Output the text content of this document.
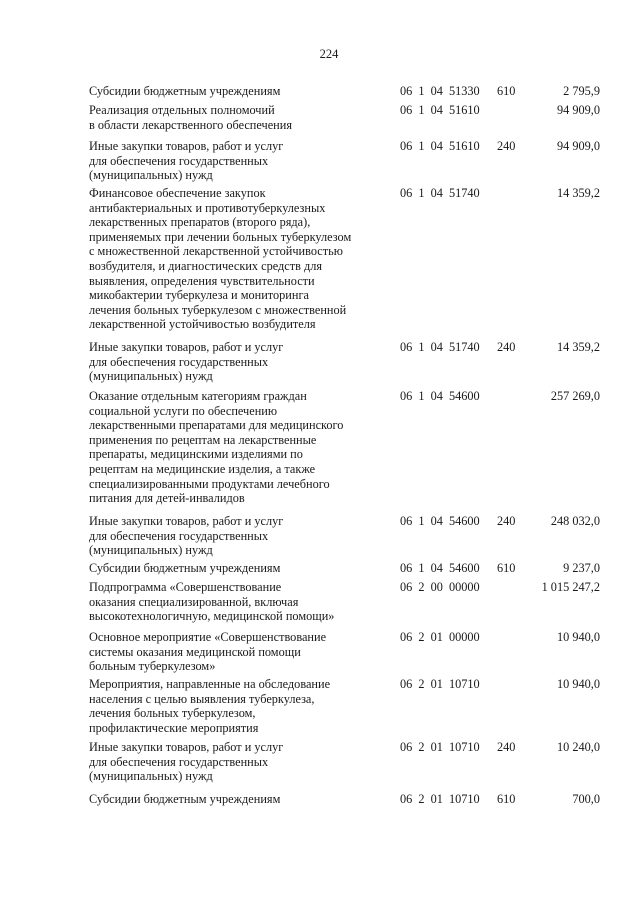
224
Субсидии бюджетным учреждениям	06 1 04 51330	610	2 795,9
Реализация отдельных полномочий
в области лекарственного обеспечения
06 1 04 51610	94 909,0
Иные закупки товаров, работ и услуг
для обеспечения государственных
(муниципальных) нужд
06 1 04 51610	240	94 909,0
Финансовое обеспечение закупок
антибактериальных и противотуберкулезных
лекарственных препаратов (второго ряда),
применяемых при лечении больных туберкулезом
с множественной лекарственной устойчивостью
возбудителя, и диагностических средств для
выявления, определения чувствительности
микобактерии туберкулеза и мониторинга
лечения больных туберкулезом с множественной
лекарственной устойчивостью возбудителя
06 1 04 51740	14 359,2
Иные закупки товаров, работ и услуг
для обеспечения государственных
(муниципальных) нужд
06 1 04 51740	240	14 359,2
Оказание отдельным категориям граждан
социальной услуги по обеспечению
лекарственными препаратами для медицинского
применения по рецептам на лекарственные
препараты, медицинскими изделиями по
рецептам на медицинские изделия, а также
специализированными продуктами лечебного
питания для детей-инвалидов
06 1 04 54600	257 269,0
Иные закупки товаров, работ и услуг
для обеспечения государственных
(муниципальных) нужд
06 1 04 54600	240	248 032,0
Субсидии бюджетным учреждениям	06 1 04 54600	610	9 237,0
Подпрограмма «Совершенствование
оказания специализированной, включая
высокотехнологичную, медицинской помощи»
06 2 00 00000	1 015 247,2
Основное мероприятие «Совершенствование
системы оказания медицинской помощи
больным туберкулезом»
06 2 01 00000	10 940,0
Мероприятия, направленные на обследование
населения с целью выявления туберкулеза,
лечения больных туберкулезом,
профилактические мероприятия
06 2 01 10710	10 940,0
Иные закупки товаров, работ и услуг
для обеспечения государственных
(муниципальных) нужд
06 2 01 10710	240	10 240,0
Субсидии бюджетным учреждениям	06 2 01 10710	610	700,0
